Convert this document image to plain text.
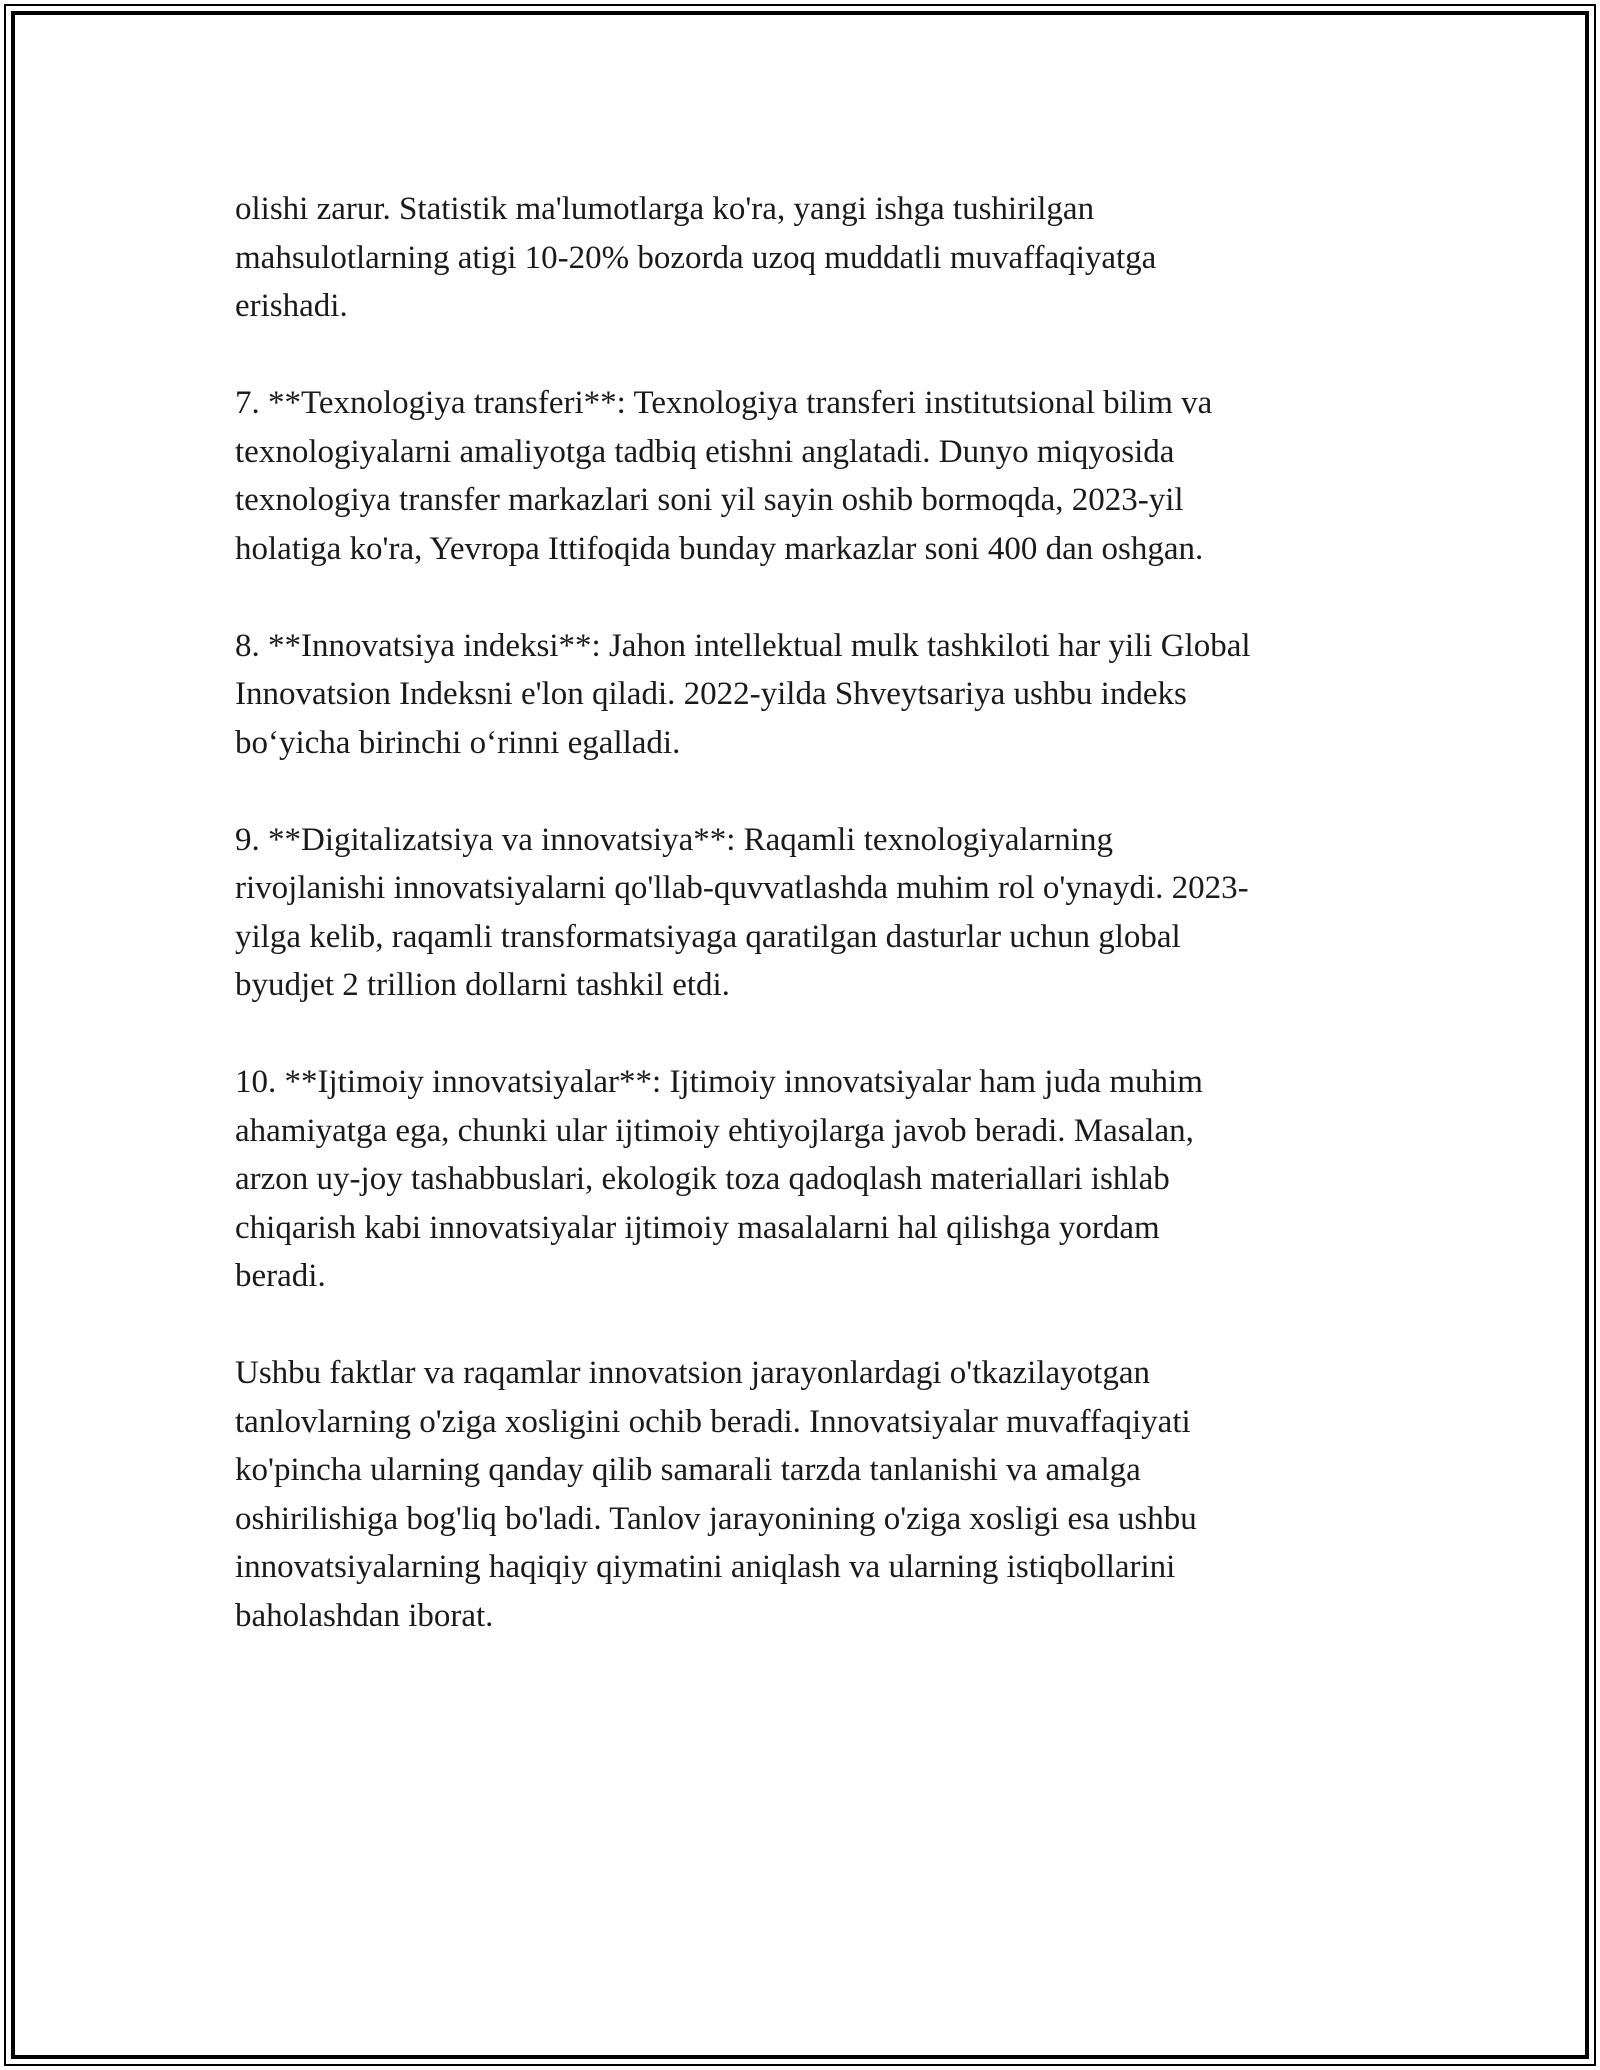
olishi zarur. Statistik ma'lumotlarga ko'ra, yangi ishga tushirilgan
mahsulotlarning atigi 10-20% bozorda uzoq muddatli muvaffaqiyatga
erishadi.

7. **Texnologiya transferi**: Texnologiya transferi institutsional bilim va
texnologiyalarni amaliyotga tadbiq etishni anglatadi. Dunyo miqyosida
texnologiya transfer markazlari soni yil sayin oshib bormoqda, 2023-yil
holatiga ko'ra, Yevropa Ittifoqida bunday markazlar soni 400 dan oshgan.

8. **Innovatsiya indeksi**: Jahon intellektual mulk tashkiloti har yili Global
Innovatsion Indeksni e'lon qiladi. 2022-yilda Shveytsariya ushbu indeks
bo‘yicha birinchi o‘rinni egalladi.

9. **Digitalizatsiya va innovatsiya**: Raqamli texnologiyalarning
rivojlanishi innovatsiyalarni qo'llab-quvvatlashda muhim rol o'ynaydi. 2023-
yilga kelib, raqamli transformatsiyaga qaratilgan dasturlar uchun global
byudjet 2 trillion dollarni tashkil etdi.

10. **Ijtimoiy innovatsiyalar**: Ijtimoiy innovatsiyalar ham juda muhim
ahamiyatga ega, chunki ular ijtimoiy ehtiyojlarga javob beradi. Masalan,
arzon uy-joy tashabbuslari, ekologik toza qadoqlash materiallari ishlab
chiqarish kabi innovatsiyalar ijtimoiy masalalarni hal qilishga yordam
beradi.

Ushbu faktlar va raqamlar innovatsion jarayonlardagi o'tkazilayotgan
tanlovlarning o'ziga xosligini ochib beradi. Innovatsiyalar muvaffaqiyati
ko'pincha ularning qanday qilib samarali tarzda tanlanishi va amalga
oshirilishiga bog'liq bo'ladi. Tanlov jarayonining o'ziga xosligi esa ushbu
innovatsiyalarning haqiqiy qiymatini aniqlash va ularning istiqbollarini
baholashdan iborat.
